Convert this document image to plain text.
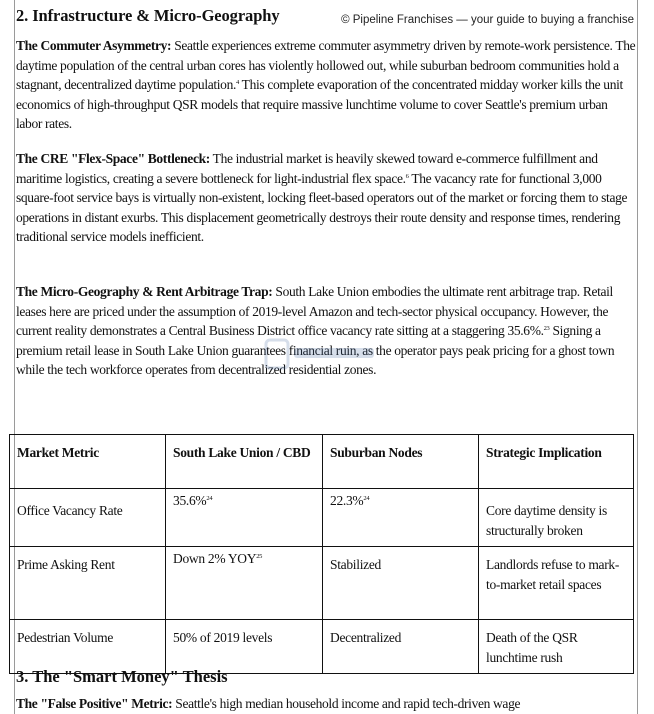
2. Infrastructure & Micro-Geography	© Pipeline Franchises — your guide to buying a franchise
The Commuter Asymmetry: Seattle experiences extreme commuter asymmetry driven by remote-work persistence. The daytime population of the central urban cores has violently hollowed out, while suburban bedroom communities hold a stagnant, decentralized daytime population.$^4$ This complete evaporation of the concentrated midday worker kills the unit economics of high-throughput QSR models that require massive lunchtime volume to cover Seattle's premium urban labor rates.
The CRE "Flex-Space" Bottleneck: The industrial market is heavily skewed toward e-commerce fulfillment and maritime logistics, creating a severe bottleneck for light-industrial flex space.$^6$ The vacancy rate for functional 3,000 square-foot service bays is virtually non-existent, locking fleet-based operators out of the market or forcing them to stage operations in distant exurbs. This displacement geometrically destroys their route density and response times, rendering traditional service models inefficient.
The Micro-Geography & Rent Arbitrage Trap: South Lake Union embodies the ultimate rent arbitrage trap. Retail leases here are priced under the assumption of 2019-level Amazon and tech-sector physical occupancy. However, the current reality demonstrates a Central Business District office vacancy rate sitting at a staggering 35.6%.$^{23}$ Signing a premium retail lease in South Lake Union guarantees financial ruin, as the operator pays peak pricing for a ghost town while the tech workforce operates from decentralized residential zones.
Market Metric	South Lake Union / CBD	Suburban Nodes	Strategic Implication
Office Vacancy Rate	35.6%$^{24}$	22.3%$^{24}$	Core daytime density is structurally broken
Prime Asking Rent	Down 2% YOY$^{25}$	Stabilized	Landlords refuse to mark-to-market retail spaces
Pedestrian Volume	50% of 2019 levels	Decentralized	Death of the QSR lunchtime rush
3. The "Smart Money" Thesis
The "False Positive" Metric: Seattle's high median household income and rapid tech-driven wage
